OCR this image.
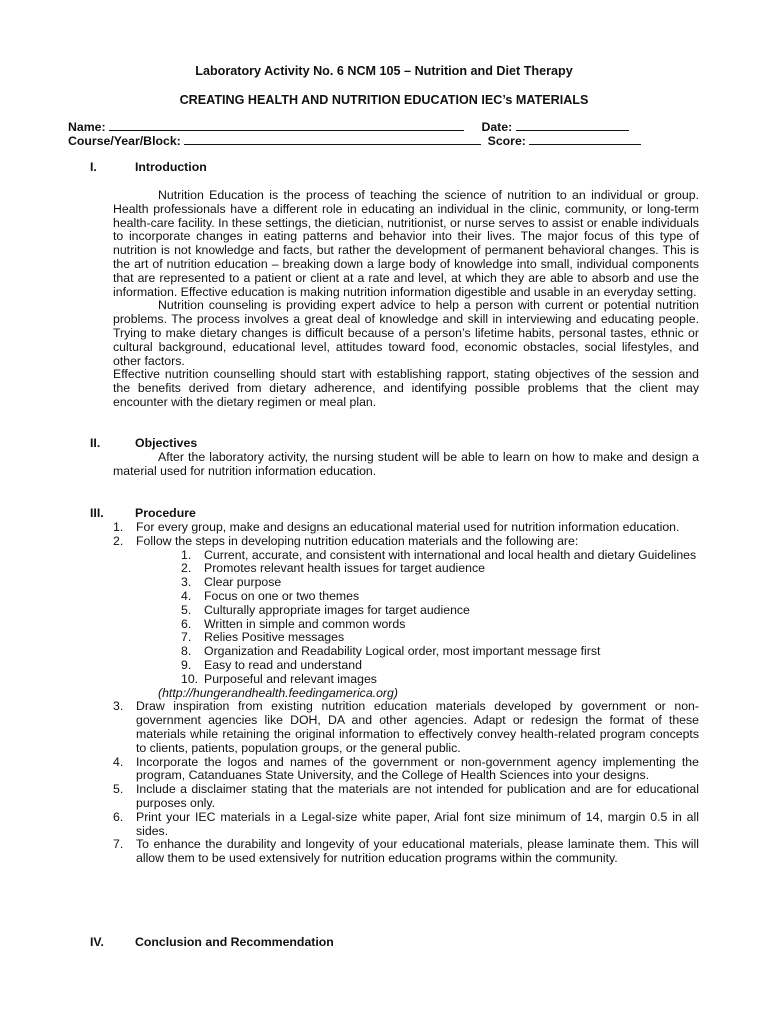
Laboratory Activity No. 6 NCM 105 – Nutrition and Diet Therapy
CREATING HEALTH AND NUTRITION EDUCATION IEC’s MATERIALS
Name:	Date:
Course/Year/Block:	Score:
I.	Introduction

Nutrition Education is the process of teaching the science of nutrition to an individual or group. Health professionals have a different role in educating an individual in the clinic, community, or long-term health-care facility. In these settings, the dietician, nutritionist, or nurse serves to assist or enable individuals to incorporate changes in eating patterns and behavior into their lives. The major focus of this type of nutrition is not knowledge and facts, but rather the development of permanent behavioral changes. This is the art of nutrition education – breaking down a large body of knowledge into small, individual components that are represented to a patient or client at a rate and level, at which they are able to absorb and use the information. Effective education is making nutrition information digestible and usable in an everyday setting.

Nutrition counseling is providing expert advice to help a person with current or potential nutrition problems. The process involves a great deal of knowledge and skill in interviewing and educating people. Trying to make dietary changes is difficult because of a person’s lifetime habits, personal tastes, ethnic or cultural background, educational level, attitudes toward food, economic obstacles, social lifestyles, and other factors.

Effective nutrition counselling should start with establishing rapport, stating objectives of the session and the benefits derived from dietary adherence, and identifying possible problems that the client may encounter with the dietary regimen or meal plan.

II.	Objectives

After the laboratory activity, the nursing student will be able to learn on how to make and design a material used for nutrition information education.

III.	Procedure
1. For every group, make and designs an educational material used for nutrition information education.
2. Follow the steps in developing nutrition education materials and the following are:
1. Current, accurate, and consistent with international and local health and dietary Guidelines
2. Promotes relevant health issues for target audience
3. Clear purpose
4. Focus on one or two themes
5. Culturally appropriate images for target audience
6. Written in simple and common words
7. Relies Positive messages
8. Organization and Readability Logical order, most important message first
9. Easy to read and understand
10. Purposeful and relevant images
(http://hungerandhealth.feedingamerica.org)
3. Draw inspiration from existing nutrition education materials developed by government or non-government agencies like DOH, DA and other agencies. Adapt or redesign the format of these materials while retaining the original information to effectively convey health-related program concepts to clients, patients, population groups, or the general public.
4. Incorporate the logos and names of the government or non-government agency implementing the program, Catanduanes State University, and the College of Health Sciences into your designs.
5. Include a disclaimer stating that the materials are not intended for publication and are for educational purposes only.
6. Print your IEC materials in a Legal-size white paper, Arial font size minimum of 14, margin 0.5 in all sides.
7. To enhance the durability and longevity of your educational materials, please laminate them. This will allow them to be used extensively for nutrition education programs within the community.
IV.	Conclusion and Recommendation
